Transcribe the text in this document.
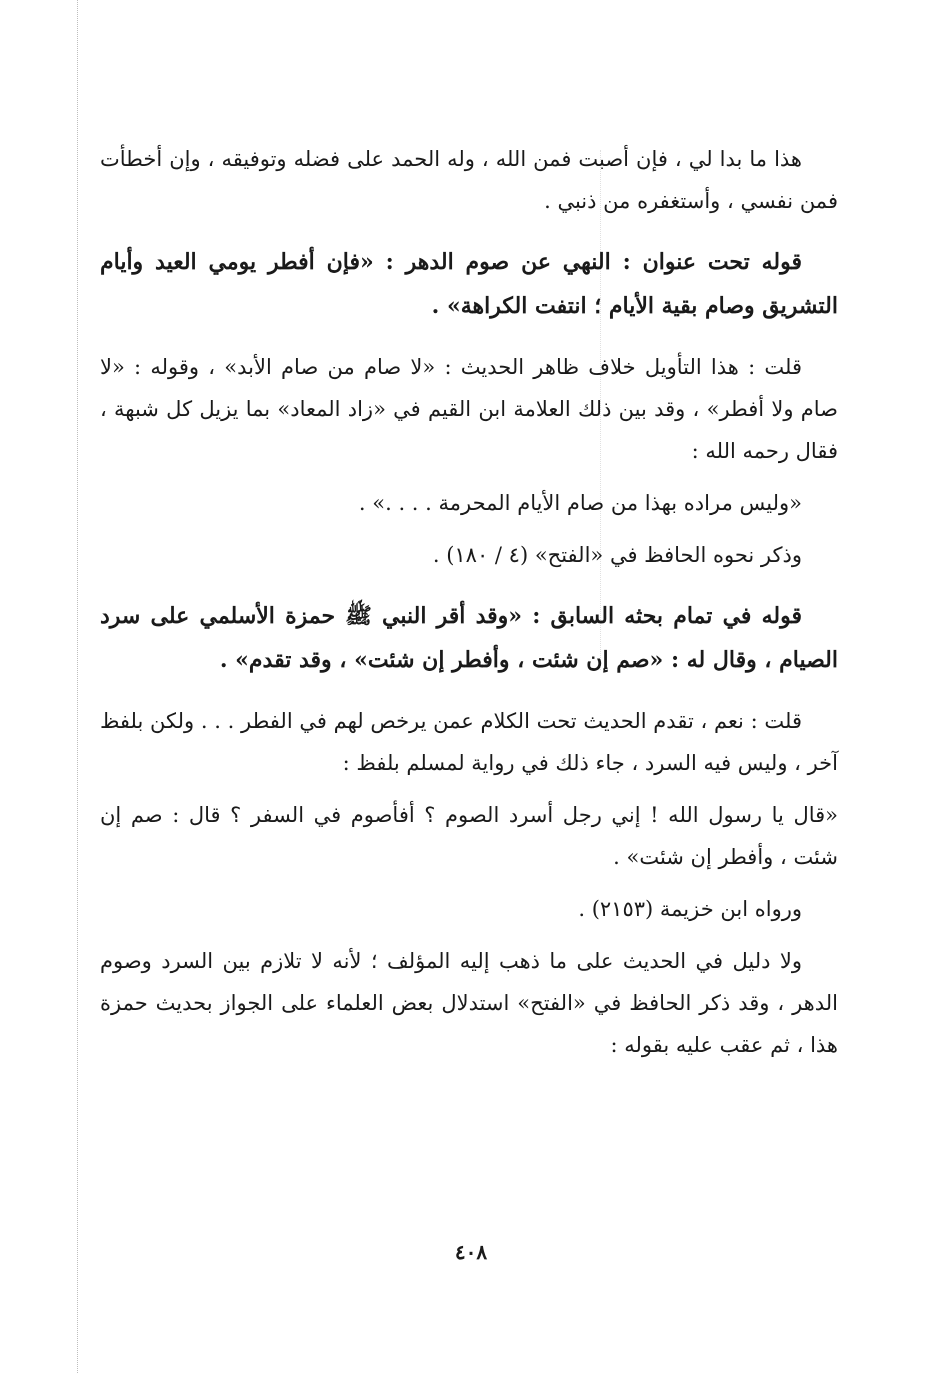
هذا ما بدا لي ، فإن أصبت فمن الله ، وله الحمد على فضله وتوفيقه ، وإن أخطأت فمن نفسي ، وأستغفره من ذنبي .

قوله تحت عنوان : النهي عن صوم الدهر : «فإن أفطر يومي العيد وأيام التشريق وصام بقية الأيام ؛ انتفت الكراهة» .

قلت : هذا التأويل خلاف ظاهر الحديث : «لا صام من صام الأبد» ، وقوله : «لا صام ولا أفطر» ، وقد بين ذلك العلامة ابن القيم في «زاد المعاد» بما يزيل كل شبهة ، فقال رحمه الله :

«وليس مراده بهذا من صام الأيام المحرمة . . . .» .

وذكر نحوه الحافظ في «الفتح» (٤ / ١٨٠) .

قوله في تمام بحثه السابق : «وقد أقر النبي ﷺ حمزة الأسلمي على سرد الصيام ، وقال له : «صم إن شئت ، وأفطر إن شئت» ، وقد تقدم» .

قلت : نعم ، تقدم الحديث تحت الكلام عمن يرخص لهم في الفطر . . . ولكن بلفظ آخر ، وليس فيه السرد ، جاء ذلك في رواية لمسلم بلفظ :

«قال يا رسول الله ! إني رجل أسرد الصوم ؟ أفأصوم في السفر ؟ قال : صم إن شئت ، وأفطر إن شئت» .

ورواه ابن خزيمة (٢١٥٣) .

ولا دليل في الحديث على ما ذهب إليه المؤلف ؛ لأنه لا تلازم بين السرد وصوم الدهر ، وقد ذكر الحافظ في «الفتح» استدلال بعض العلماء على الجواز بحديث حمزة هذا ، ثم عقب عليه بقوله :

٤٠٨
